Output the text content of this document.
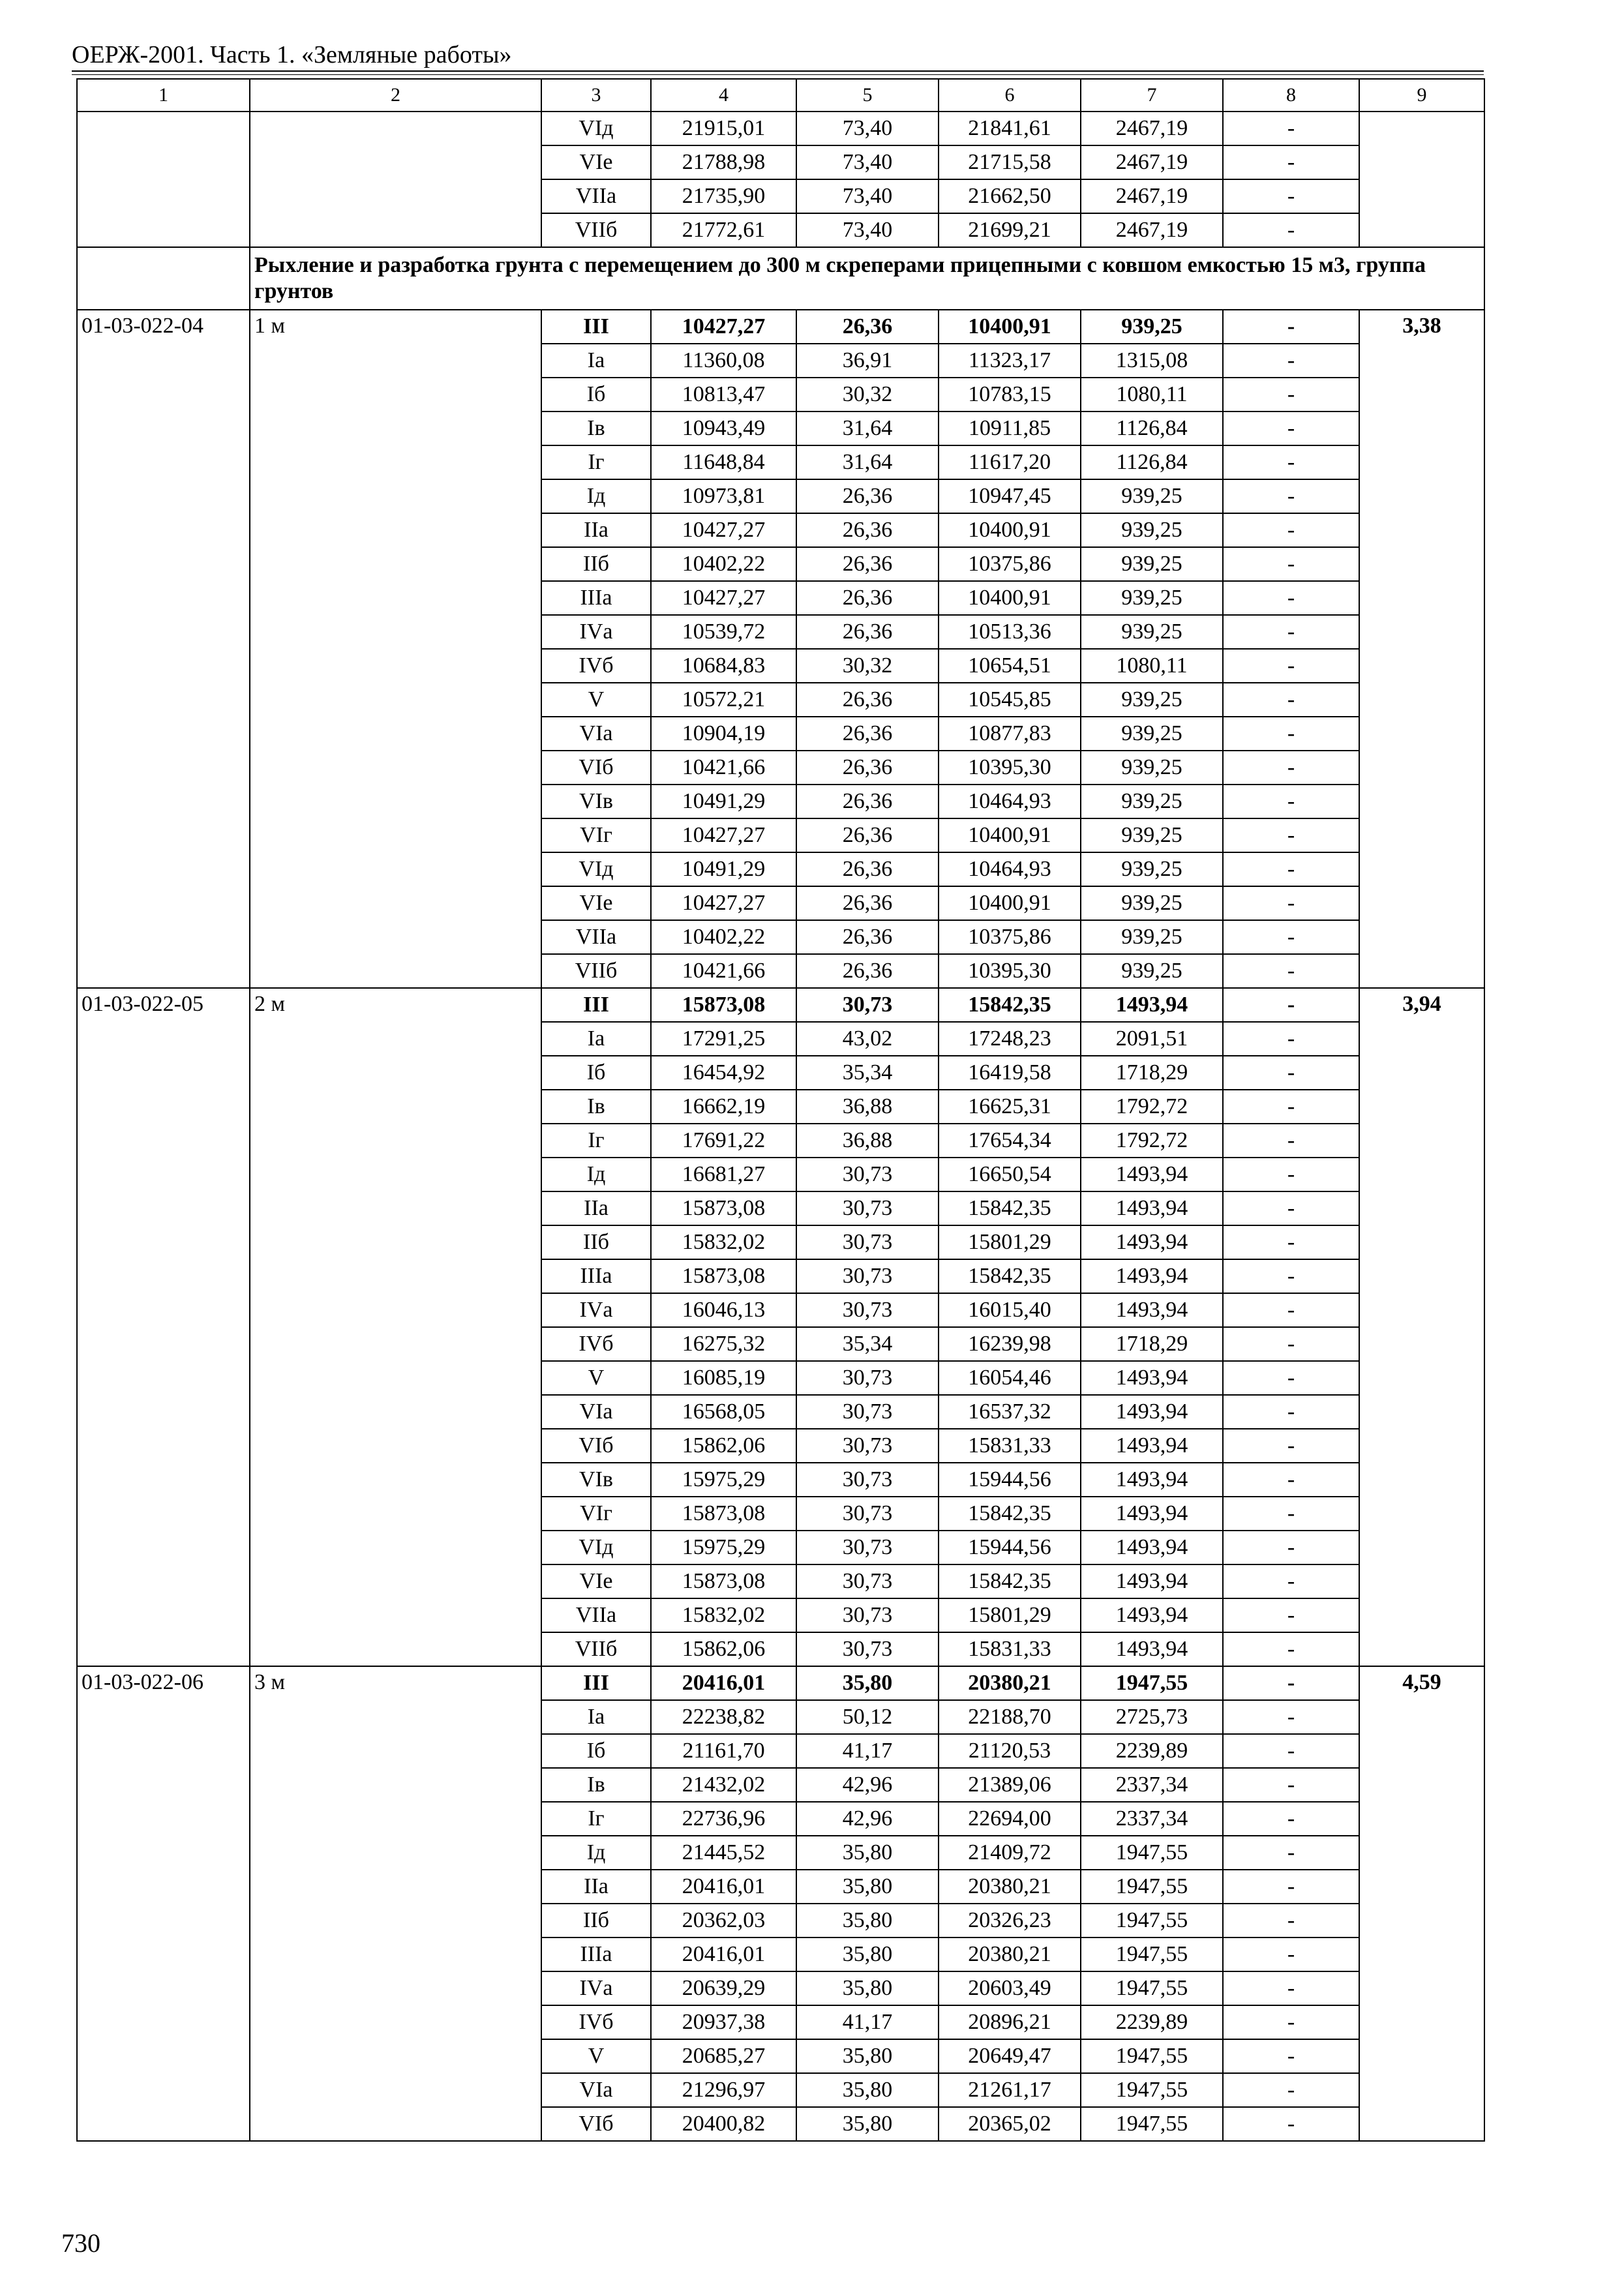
ОЕРЖ-2001. Часть 1. «Земляные работы»
1	2	3	4	5	6	7	8	9
		VIд	21915,01	73,40	21841,61	2467,19	-	
		VIе	21788,98	73,40	21715,58	2467,19	-	
		VIIа	21735,90	73,40	21662,50	2467,19	-	
		VIIб	21772,61	73,40	21699,21	2467,19	-	
	Рыхление и разработка грунта с перемещением до 300 м скреперами прицепными с ковшом емкостью 15 м3, группа грунтов							
01-03-022-04	1 м	III	10427,27	26,36	10400,91	939,25	-	3,38
		Iа	11360,08	36,91	11323,17	1315,08	-	
		Iб	10813,47	30,32	10783,15	1080,11	-	
		Iв	10943,49	31,64	10911,85	1126,84	-	
		Iг	11648,84	31,64	11617,20	1126,84	-	
		Iд	10973,81	26,36	10947,45	939,25	-	
		IIа	10427,27	26,36	10400,91	939,25	-	
		IIб	10402,22	26,36	10375,86	939,25	-	
		IIIа	10427,27	26,36	10400,91	939,25	-	
		IVа	10539,72	26,36	10513,36	939,25	-	
		IVб	10684,83	30,32	10654,51	1080,11	-	
		V	10572,21	26,36	10545,85	939,25	-	
		VIа	10904,19	26,36	10877,83	939,25	-	
		VIб	10421,66	26,36	10395,30	939,25	-	
		VIв	10491,29	26,36	10464,93	939,25	-	
		VIг	10427,27	26,36	10400,91	939,25	-	
		VIд	10491,29	26,36	10464,93	939,25	-	
		VIе	10427,27	26,36	10400,91	939,25	-	
		VIIа	10402,22	26,36	10375,86	939,25	-	
		VIIб	10421,66	26,36	10395,30	939,25	-	
01-03-022-05	2 м	III	15873,08	30,73	15842,35	1493,94	-	3,94
		Iа	17291,25	43,02	17248,23	2091,51	-	
		Iб	16454,92	35,34	16419,58	1718,29	-	
		Iв	16662,19	36,88	16625,31	1792,72	-	
		Iг	17691,22	36,88	17654,34	1792,72	-	
		Iд	16681,27	30,73	16650,54	1493,94	-	
		IIа	15873,08	30,73	15842,35	1493,94	-	
		IIб	15832,02	30,73	15801,29	1493,94	-	
		IIIа	15873,08	30,73	15842,35	1493,94	-	
		IVа	16046,13	30,73	16015,40	1493,94	-	
		IVб	16275,32	35,34	16239,98	1718,29	-	
		V	16085,19	30,73	16054,46	1493,94	-	
		VIа	16568,05	30,73	16537,32	1493,94	-	
		VIб	15862,06	30,73	15831,33	1493,94	-	
		VIв	15975,29	30,73	15944,56	1493,94	-	
		VIг	15873,08	30,73	15842,35	1493,94	-	
		VIд	15975,29	30,73	15944,56	1493,94	-	
		VIе	15873,08	30,73	15842,35	1493,94	-	
		VIIа	15832,02	30,73	15801,29	1493,94	-	
		VIIб	15862,06	30,73	15831,33	1493,94	-	
01-03-022-06	3 м	III	20416,01	35,80	20380,21	1947,55	-	4,59
		Iа	22238,82	50,12	22188,70	2725,73	-	
		Iб	21161,70	41,17	21120,53	2239,89	-	
		Iв	21432,02	42,96	21389,06	2337,34	-	
		Iг	22736,96	42,96	22694,00	2337,34	-	
		Iд	21445,52	35,80	21409,72	1947,55	-	
		IIа	20416,01	35,80	20380,21	1947,55	-	
		IIб	20362,03	35,80	20326,23	1947,55	-	
		IIIа	20416,01	35,80	20380,21	1947,55	-	
		IVа	20639,29	35,80	20603,49	1947,55	-	
		IVб	20937,38	41,17	20896,21	2239,89	-	
		V	20685,27	35,80	20649,47	1947,55	-	
		VIа	21296,97	35,80	21261,17	1947,55	-	
		VIб	20400,82	35,80	20365,02	1947,55	-	
730
